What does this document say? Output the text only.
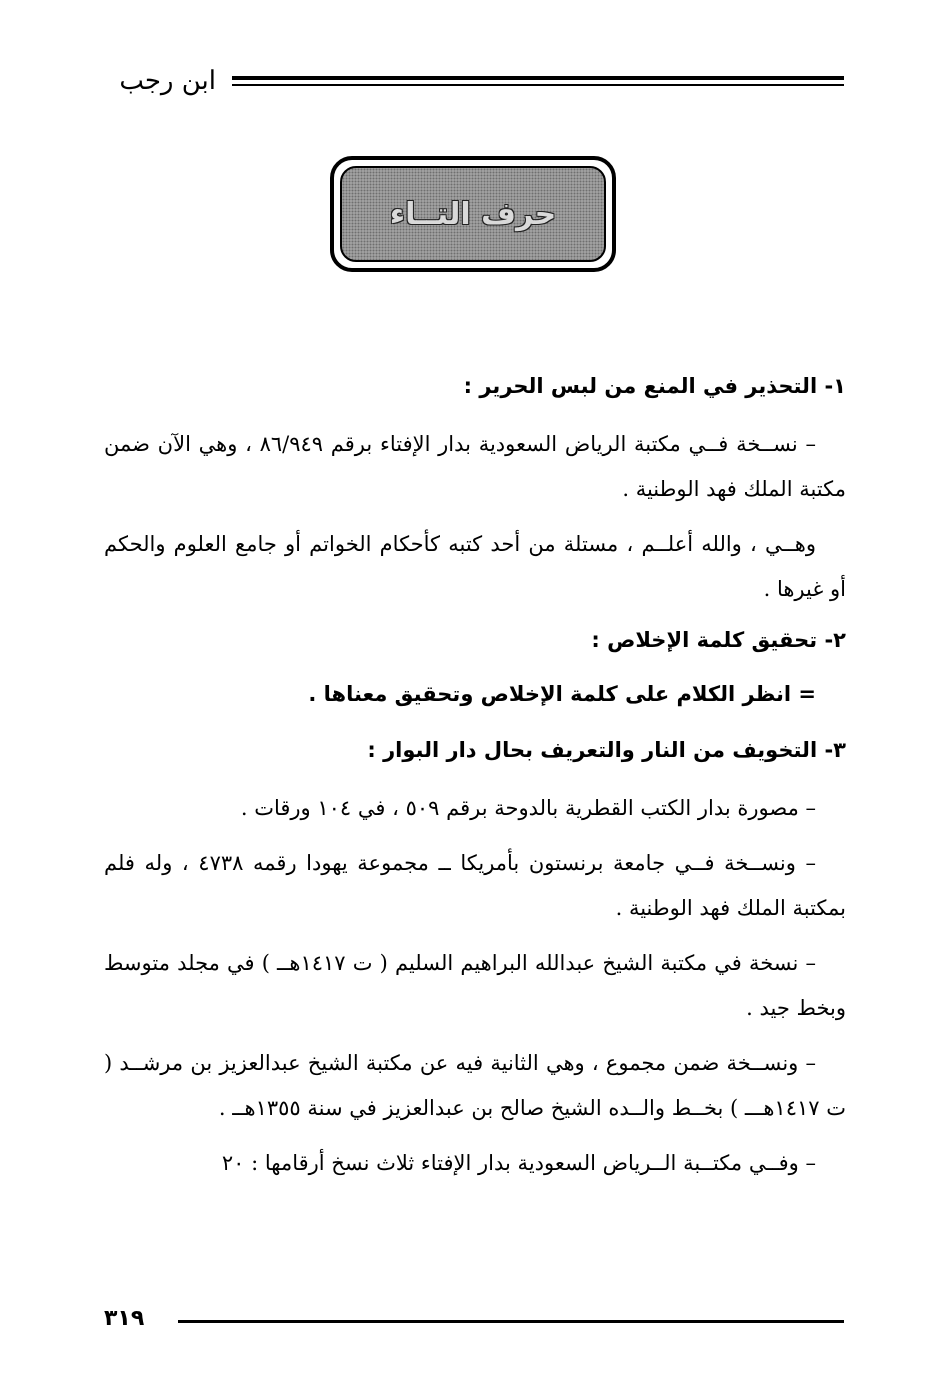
ابن رجب
حرف التــاء
١- التحذير في المنع من لبس الحرير :

– نســخة فــي مكتبة الرياض السعودية بدار الإفتاء برقم ٨٦/٩٤٩ ، وهي الآن ضمن مكتبة الملك فهد الوطنية .

وهــي ، والله أعلــم ، مستلة من أحد كتبه كأحكام الخواتم أو جامع العلوم والحكم أو غيرها .

٢- تحقيق كلمة الإخلاص :
= انظر الكلام على كلمة الإخلاص وتحقيق معناها .
٣- التخويف من النار والتعريف بحال دار البوار :

– مصورة بدار الكتب القطرية بالدوحة برقم ٥٠٩ ، في ١٠٤ ورقات .

– ونســخة فــي جامعة برنستون بأمريكا ــ مجموعة يهودا رقمه ٤٧٣٨ ، وله فلم بمكتبة الملك فهد الوطنية .

– نسخة في مكتبة الشيخ عبدالله البراهيم السليم ( ت ١٤١٧هــ ) في مجلد متوسط وبخط جيد .

– ونســخة ضمن مجموع ، وهي الثانية فيه عن مكتبة الشيخ عبدالعزيز بن مرشــد ( ت ١٤١٧هـــ ) بخــط والــده الشيخ صالح بن عبدالعزيز في سنة ١٣٥٥هــ .

– وفــي مكتــبة الــرياض السعودية بدار الإفتاء ثلاث نسخ أرقامها : ٢٠

٣١٩
